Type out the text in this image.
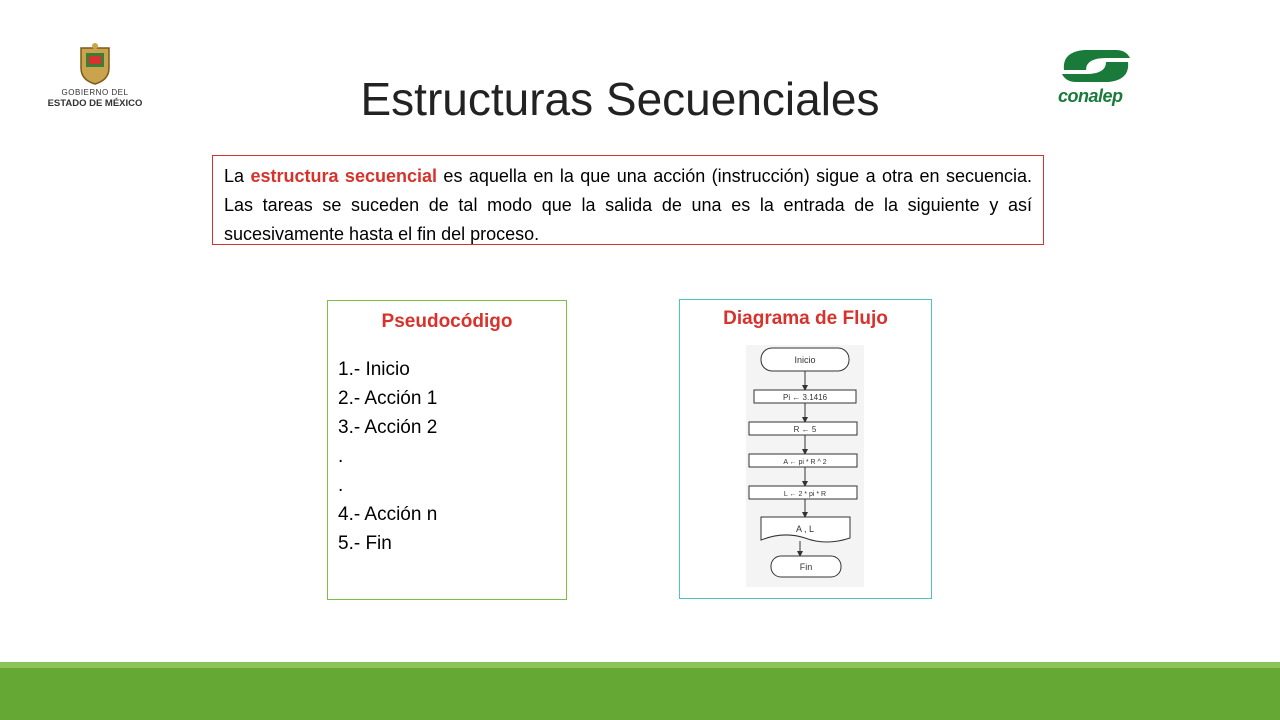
GOBIERNO DEL
ESTADO DE MÉXICO	conalep
Estructuras Secuenciales
La estructura secuencial es aquella en la que una acción (instrucción) sigue a otra en secuencia. Las tareas se suceden de tal modo que la salida de una es la entrada de la siguiente y así sucesivamente hasta el fin del proceso.
Pseudocódigo
1.- Inicio
2.- Acción 1
3.- Acción 2
.
.
4.- Acción n
5.- Fin
Diagrama de Flujo
Inicio
Pi ← 3.1416
R ← 5
A ← pi * R ^ 2
L ← 2 * pi * R
A , L
Fin
